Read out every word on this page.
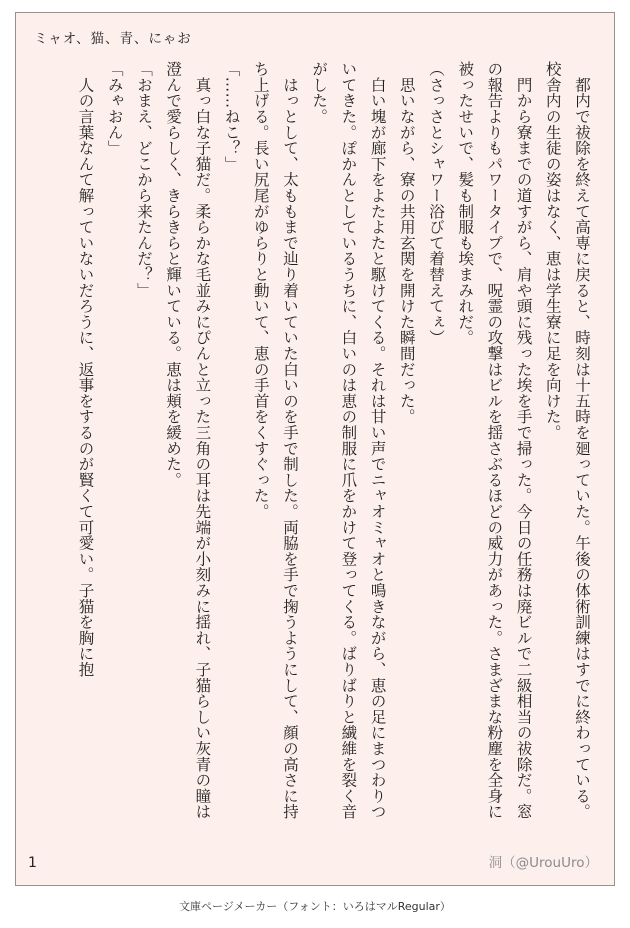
ミャオ、猫、青、にゃお

　都内で祓除を終えて高専に戻ると、時刻は十五時を廻っていた。午後の体術訓練はすでに終わっている。校舎内の生徒の姿はなく、恵は学生寮に足を向けた。

　門から寮までの道すがら、肩や頭に残った埃を手で掃った。今日の任務は廃ビルで二級相当の祓除だ。窓の報告よりもパワータイプで、呪霊の攻撃はビルを揺さぶるほどの威力があった。さまざまな粉塵を全身に被ったせいで、髪も制服も埃まみれだ。

（さっさとシャワー浴びて着替えてぇ）

　思いながら、寮の共用玄関を開けた瞬間だった。

　白い塊が廊下をよたよたと駆けてくる。それは甘い声でニャオミャオと鳴きながら、恵の足にまつわりついてきた。ぽかんとしているうちに、白いのは恵の制服に爪をかけて登ってくる。ばりばりと繊維を裂く音がした。

　はっとして、太ももまで辿り着いていた白いのを手で制した。両脇を手で掬うようにして、顔の高さに持ち上げる。長い尻尾がゆらりと動いて、恵の手首をくすぐった。

「……ねこ？」

　真っ白な子猫だ。柔らかな毛並みにぴんと立った三角の耳は先端が小刻みに揺れ、子猫らしい灰青の瞳は澄んで愛らしく、きらきらと輝いている。恵は頬を緩めた。

「おまえ、どこから来たんだ？」

「みゃおん」

　人の言葉なんて解っていないだろうに、返事をするのが賢くて可愛い。子猫を胸に抱

1	洞（@UrouUro）
文庫ページメーカー（フォント：いろはマルRegular）
